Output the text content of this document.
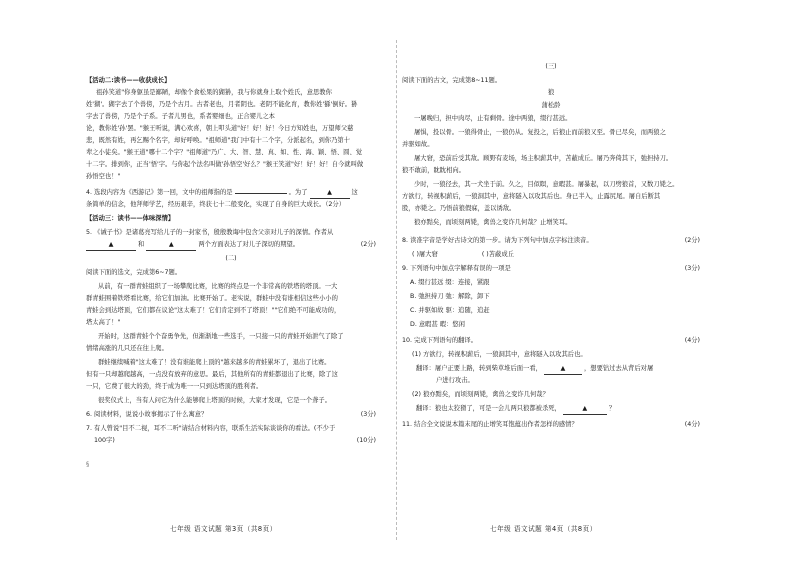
【活动二:读书——收获成长】
祖孙笑道"你身躯虽是鄙陋，却像个食松果的猢狲，我与你就身上取个姓氏，意思教你
姓'猢'。猢字去了个兽傍，乃是个古月。古者老也，月者阴也。老阴不能化育，教你姓'猻'倒好。狲
字去了兽傍，乃是个子系。子者儿男也，系者婴细也，正合婴儿之本
论，教你姓'孙'罢。"猴王听说，满心欢喜，朝上叩头道"好！好！好！今日方知姓也，万望师父慈
悲，既然有姓，再乞赐个名字，却好呼唤。"祖师道"我门中有十二个字，分派起名，到你乃第十
辈之小徒矣。"猴王道"哪十二个字？"祖师道"乃广、大、智、慧、真、如、性、海、颖、悟、圆、觉
十二字。排到你，正当'悟'字。与你起个法名叫做'孙悟空'好么？"猴王笑道"好！好！好！自今就叫做
孙悟空也！"
4. 选段内容为《西游记》第一回，文中的祖师指的是	。为了	▲	这
条简单的信念，他拜师学艺，经历艰辛，终获七十二般变化，实现了自身的巨大成长。（2分）
【活动三：读书——体味深情】
5. 《诫子书》是诸葛亮写给儿子的一封家书，殷殷教诲中包含父亲对儿子的深情。作者从
▲	和	▲	两个方面表达了对儿子深切的期望。	(2分)
(二)
阅读下面的选文，完成第6~7题。
从前，有一群青蛙组织了一场攀爬比赛，比赛的终点是一个非常高的铁塔的塔顶。一大
群青蛙围着铁塔看比赛，给它们加油。比赛开始了。老实说，群蛙中没有谁相信这些小小的
青蛙会到达塔顶，它们都在议论"这太难了！它们肯定到不了塔顶！""它们绝不可能成功的，
塔太高了！"
开始时，这群青蛙个个奋勇争先，但渐渐地一些选手，一只接一只的青蛙开始泄气了除了
情绪高涨的几只还在往上爬。
群蛙继续喊着"这太难了！没有谁能爬上顶的"越来越多的青蛙累坏了，退出了比赛。
但有一只却越爬越高，一点没有放弃的意思。最后，其他所有的青蛙都退出了比赛，除了这
一只，它费了很大的劲，终于成为唯一一只到达塔顶的胜利者。
很奖仪式上，当有人问它为什么能够爬上塔顶的时候，大家才发现，它是一个聋子。
6. 阅读材料，说说小故事揭示了什么寓意？	(3分)
7. 有人曾说"目不二视，耳不二听"请结合材料内容，联系生活实际谈谈你的看法。(不少于
100字)	(10分)
§
七年级 语文试题 第3页（共8页）
(三)
阅读下面的古文，完成第8~11题。
狼
蒲松龄
一屠晚归，担中肉尽，止有剩骨。途中两狼，缀行甚远。
屠惧，投以骨。一狼得骨止，一狼仍从。复投之，后狼止而前狼又至。骨已尽矣，而两狼之
并驱如故。
屠大窘，恐前后受其敌。顾野有麦场，场主积薪其中，苫蔽成丘。屠乃奔倚其下，弛担持刀。
狼不敢前，眈眈相向。
少时，一狼径去，其一犬坐于前。久之，目似瞑，意暇甚。屠暴起，以刀劈狼首，又数刀毙之。
方欲行，转视积薪后，一狼洞其中，意将隧入以攻其后也。身已半入，止露尻尾。屠自后断其
股，亦毙之。乃悟前狼假寐，盖以诱敌。
狼亦黠矣，而顷刻两毙，禽兽之变诈几何哉？止增笑耳。
8. 读准字音是学好古诗文的第一步。请为下列句中加点字标注读音。	(2分)
( )屠大窘	( )苫蔽成丘
9. 下列语句中加点字解释有误的一项是	(3分)
A. 缀行甚远 缀：连接，紧跟
B. 弛担持刀 弛：解除，卸下
C. 并驱如故 驱：追随，追赶
D. 意暇甚 暇：悠闲
10. 完成下列语句的翻译。	(4分)
(1) 方欲行，转视积薪后，一狼洞其中，意将隧入以攻其后也。
翻译：屠户正要上路，转到柴草堆后面一看，	▲	，想要钻过去从背后对屠
户进行攻击。
(2) 狼亦黠矣，而顷刻两毙，禽兽之变诈几何哉？
翻译：狼也太狡猾了，可是一会儿两只狼都被杀死，	▲	？
11. 结合全文说说本篇末尾的止增笑耳饱蕴出作者怎样的感情？	(4分)
七年级 语文试题 第4页（共8页）
